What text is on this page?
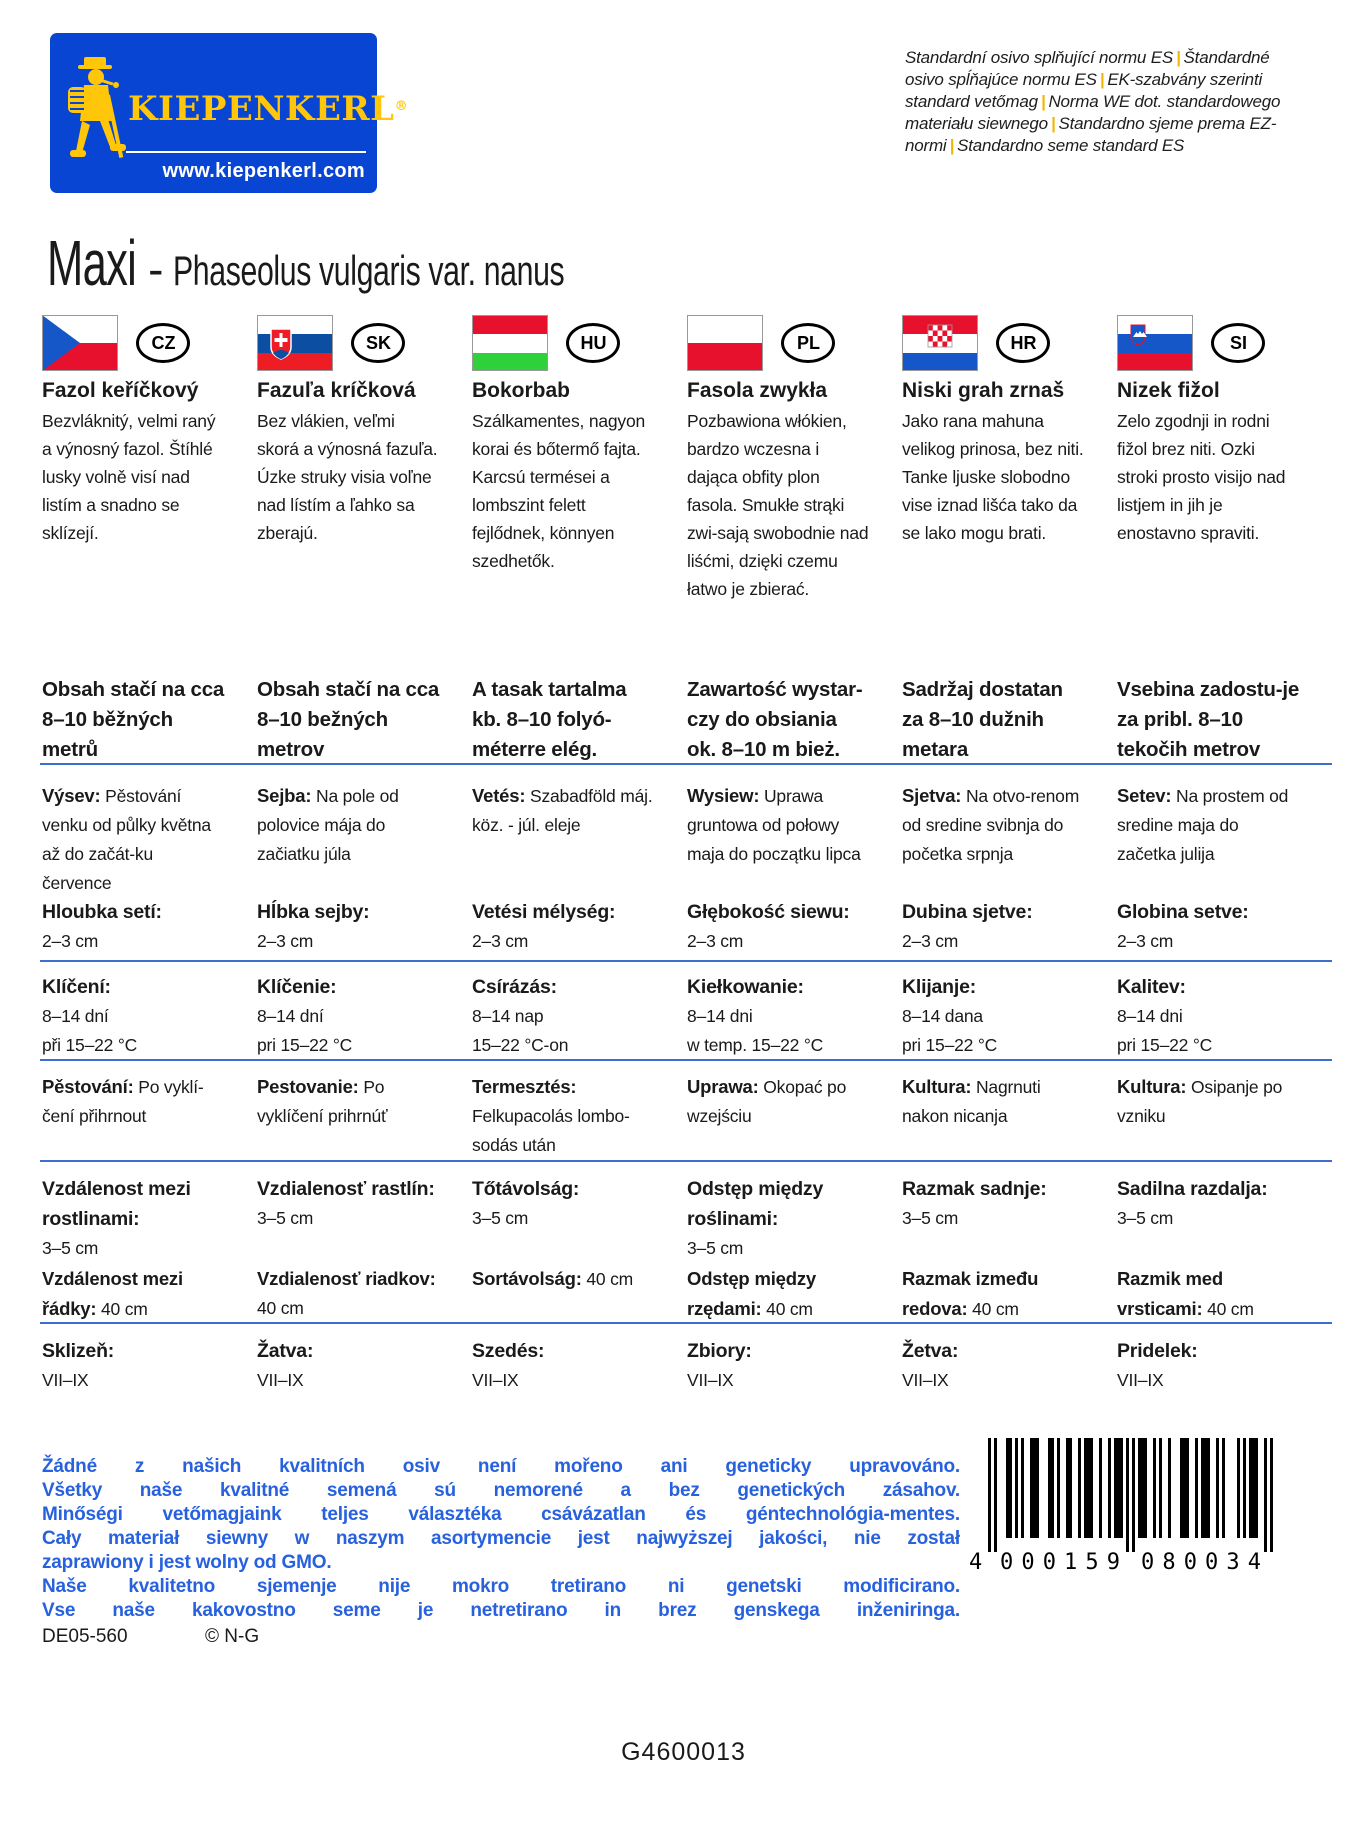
KIEPENKERL®
www.kiepenkerl.com

Standardní osivo splňující normu ES | Štandardné osivo spĺňajúce normu ES | EK-szabvány szerinti standard vetőmag | Norma WE dot. standardowego materiału siewnego | Standardno sjeme prema EZ-normi | Standardno seme standard ES

Maxi - Phaseolus vulgaris var. nanus
CZ
Fazol keříčkový

Bezvláknitý, velmi raný a výnosný fazol. Štíhlé lusky volně visí nad listím a snadno se sklízejí.

Obsah stačí na cca 8–10 běžných metrů

Výsev: Pěstování venku od půlky května až do začát-ku července

Hloubka setí:
2–3 cm
Klíčení:
8–14 dní
při 15–22 °C

Pěstování: Po vyklí-čení přihrnout

Vzdálenost mezi rostlinami:
3–5 cm

Vzdálenost mezi řádky: 40 cm

Sklizeň:
VII–IX
SK
Fazuľa kríčková

Bez vlákien, veľmi skorá a výnosná fazuľa. Úzke struky visia voľne nad lístím a ľahko sa zberajú.

Obsah stačí na cca 8–10 bežných metrov

Sejba: Na pole od polovice mája do začiatku júla

Hĺbka sejby:
2–3 cm
Klíčenie:
8–14 dní
pri 15–22 °C

Pestovanie: Po vyklíčení prihrnúť

Vzdialenosť rastlín:
3–5 cm

Vzdialenosť riadkov: 40 cm

Žatva:
VII–IX
HU
Bokorbab

Szálkamentes, nagyon korai és bőtermő fajta. Karcsú termései a lombszint felett fejlődnek, könnyen szedhetők.

A tasak tartalma kb. 8–10 folyó-méterre elég.

Vetés: Szabadföld máj. köz. - júl. eleje

Vetési mélység:
2–3 cm
Csírázás:
8–14 nap
15–22 °C-on

Termesztés: Felkupacolás lombo-sodás után

Tőtávolság:
3–5 cm

Sortávolság: 40 cm

Szedés:
VII–IX
PL
Fasola zwykła

Pozbawiona włókien, bardzo wczesna i dająca obfity plon fasola. Smukłe strąki zwi-sają swobodnie nad liśćmi, dzięki czemu łatwo je zbierać.

Zawartość wystar-czy do obsiania ok. 8–10 m bież.

Wysiew: Uprawa gruntowa od połowy maja do początku lipca

Głębokość siewu:
2–3 cm
Kiełkowanie:
8–14 dni
w temp. 15–22 °C

Uprawa: Okopać po wzejściu

Odstęp między roślinami:
3–5 cm

Odstęp między rzędami: 40 cm

Zbiory:
VII–IX
HR
Niski grah zrnaš

Jako rana mahuna velikog prinosa, bez niti. Tanke ljuske slobodno vise iznad lišća tako da se lako mogu brati.

Sadržaj dostatan za 8–10 dužnih metara

Sjetva: Na otvo-renom od sredine svibnja do početka srpnja

Dubina sjetve:
2–3 cm
Klijanje:
8–14 dana
pri 15–22 °C

Kultura: Nagrnuti nakon nicanja

Razmak sadnje:
3–5 cm

Razmak između redova: 40 cm

Žetva:
VII–IX
SI
Nizek fižol

Zelo zgodnji in rodni fižol brez niti. Ozki stroki prosto visijo nad listjem in jih je enostavno spraviti.

Vsebina zadostu-je za pribl. 8–10 tekočih metrov

Setev: Na prostem od sredine maja do začetka julija

Globina setve:
2–3 cm
Kalitev:
8–14 dni
pri 15–22 °C

Kultura: Osipanje po vzniku

Sadilna razdalja:
3–5 cm

Razmik med vrsticami: 40 cm

Pridelek:
VII–IX
Žádné z našich kvalitních osiv není mořeno ani geneticky upravováno.
Všetky naše kvalitné semená sú nemorené a bez genetických zásahov.
Minőségi vetőmagjaink teljes választéka csávázatlan és géntechnológia-mentes.
Cały materiał siewny w naszym asortymencie jest najwyższej jakości, nie został
zaprawiony i jest wolny od GMO.
Naše kvalitetno sjemenje nije mokro tretirano ni genetski modificirano.
Vse naše kakovostno seme je netretirano in brez genskega inženiringa.
4 000159 080034
DE05-560	© N-G
G4600013
